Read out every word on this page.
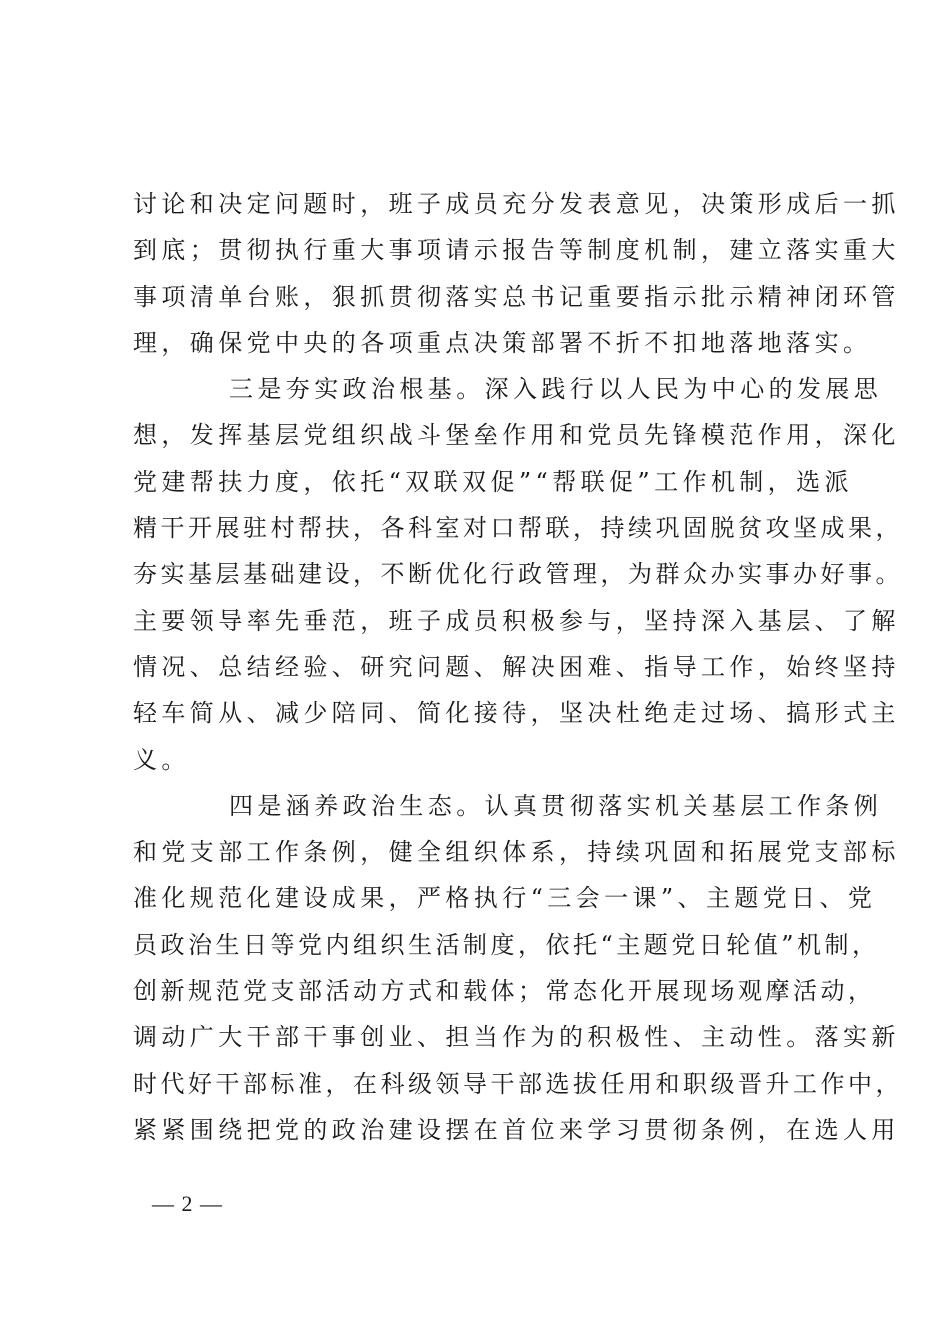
讨论和决定问题时，班子成员充分发表意见，决策形成后一抓
到底；贯彻执行重大事项请示报告等制度机制，建立落实重大
事项清单台账，狠抓贯彻落实总书记重要指示批示精神闭环管
理，确保党中央的各项重点决策部署不折不扣地落地落实。
三是夯实政治根基。深入践行以人民为中心的发展思
想，发挥基层党组织战斗堡垒作用和党员先锋模范作用，深化
党建帮扶力度，依托“双联双促”“帮联促”工作机制，选派
精干开展驻村帮扶，各科室对口帮联，持续巩固脱贫攻坚成果，
夯实基层基础建设，不断优化行政管理，为群众办实事办好事。
主要领导率先垂范，班子成员积极参与，坚持深入基层、了解
情况、总结经验、研究问题、解决困难、指导工作，始终坚持
轻车简从、减少陪同、简化接待，坚决杜绝走过场、搞形式主
义。
四是涵养政治生态。认真贯彻落实机关基层工作条例
和党支部工作条例，健全组织体系，持续巩固和拓展党支部标
准化规范化建设成果，严格执行“三会一课”、主题党日、党
员政治生日等党内组织生活制度，依托“主题党日轮值”机制，
创新规范党支部活动方式和载体；常态化开展现场观摩活动，
调动广大干部干事创业、担当作为的积极性、主动性。落实新
时代好干部标准，在科级领导干部选拔任用和职级晋升工作中，
紧紧围绕把党的政治建设摆在首位来学习贯彻条例，在选人用
— 2 —
